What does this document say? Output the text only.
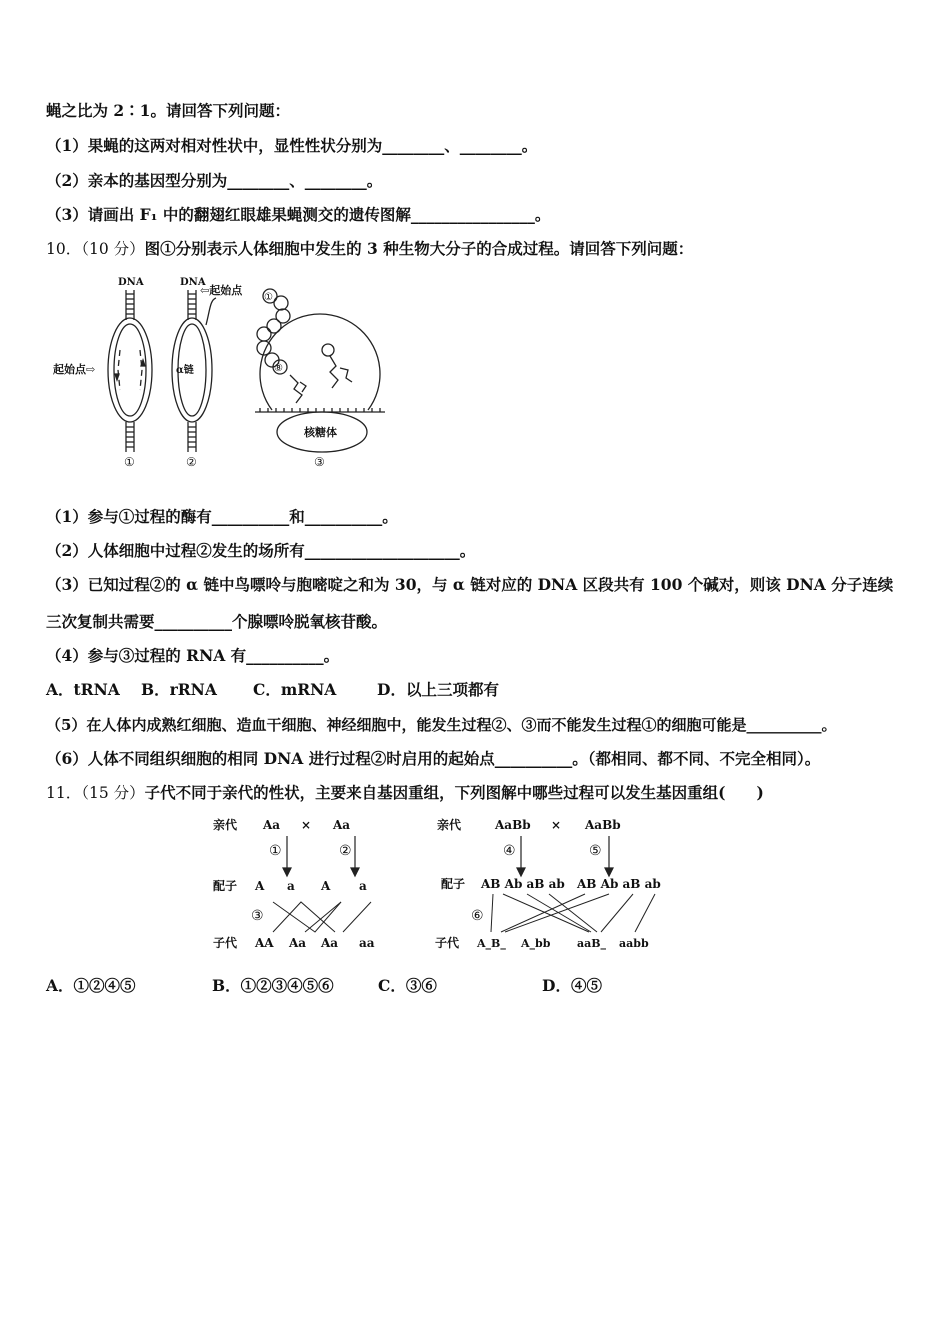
蝇之比为 2∶1。请回答下列问题：
（1）果蝇的这两对相对性状中，显性性状分别为________、________。
（2）亲本的基因型分别为________、________。
（3）请画出 F₁ 中的翻翅红眼雄果蝇测交的遗传图解________________。
10．（10 分）图①分别表示人体细胞中发生的 3 种生物大分子的合成过程。请回答下列问题：
DNA
起始点⇨
①
DNA
⇦起始点
α链
②
①
⑧
核糖体
③
（1）参与①过程的酶有__________和__________。
（2）人体细胞中过程②发生的场所有____________________。
（3）已知过程②的 α 链中鸟嘌呤与胞嘧啶之和为 30，与 α 链对应的 DNA 区段共有 100 个碱对，则该 DNA 分子连续
三次复制共需要__________个腺嘌呤脱氧核苷酸。
（4）参与③过程的 RNA 有__________。
A．tRNA B．rRNA C．mRNA	D．以上三项都有
（5）在人体内成熟红细胞、造血干细胞、神经细胞中，能发生过程②、③而不能发生过程①的细胞可能是__________。
（6）人体不同组织细胞的相同 DNA 进行过程②时启用的起始点__________。（都相同、都不同、不完全相同）。
11．（15 分）子代不同于亲代的性状，主要来自基因重组，下列图解中哪些过程可以发生基因重组(　　)
亲代 Aa × Aa
①	②
配子 A a A a
③
子代 AA Aa Aa aa
亲代	AaBb × AaBb
④	⑤
配子 AB Ab aB ab AB Ab aB ab
⑥
子代 A_B_ A_bb aaB_ aabb
A．①②④⑤	B．①②③④⑤⑥	C．③⑥	D．④⑤
